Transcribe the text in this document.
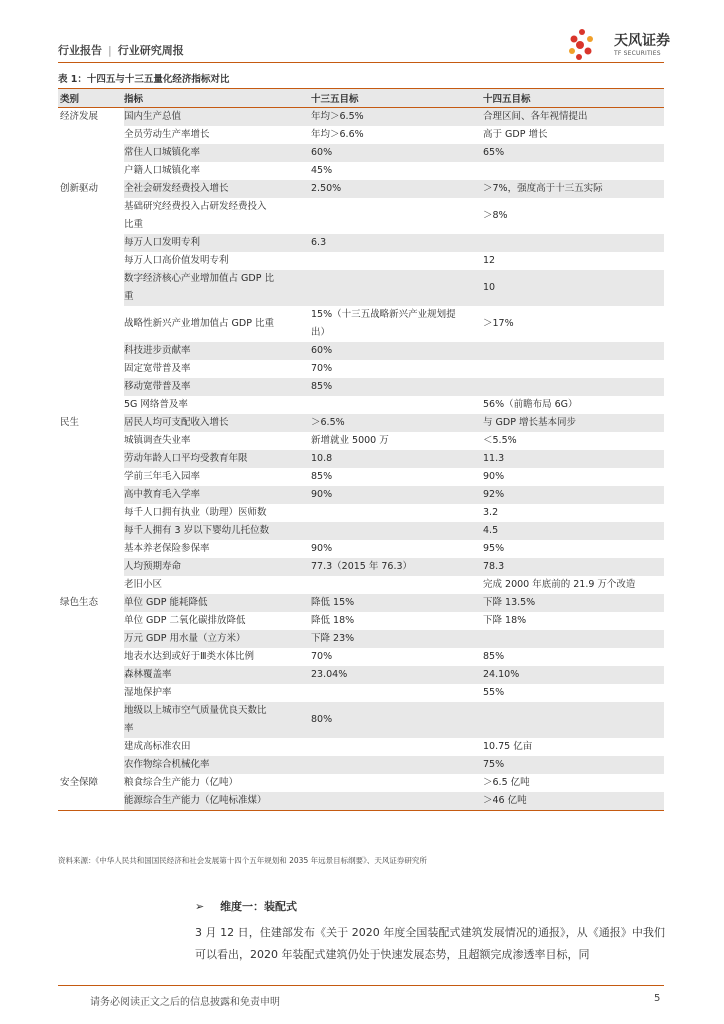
行业报告 | 行业研究周报
天风证券
TF SECURITIES
表 1：十四五与十三五量化经济指标对比
类别	指标	十三五目标	十四五目标
经济发展	国内生产总值	年均＞6.5%	合理区间、各年视情提出

	全员劳动生产率增长	年均＞6.6%	高于 GDP 增长

	常住人口城镇化率	60%	65%

	户籍人口城镇化率	45%	

创新驱动	全社会研发经费投入增长	2.50%	＞7%，强度高于十三五实际

	基础研究经费投入占研发经费投入
比重		＞8%

	每万人口发明专利	6.3	

	每万人口高价值发明专利		12

	数字经济核心产业增加值占 GDP 比
重		10

	战略性新兴产业增加值占 GDP 比重	15%（十三五战略新兴产业规划提
出）	＞17%

	科技进步贡献率	60%	

	固定宽带普及率	70%	

	移动宽带普及率	85%	

	5G 网络普及率		56%（前瞻布局 6G）

民生	居民人均可支配收入增长	＞6.5%	与 GDP 增长基本同步

	城镇调查失业率	新增就业 5000 万	＜5.5%

	劳动年龄人口平均受教育年限	10.8	11.3

	学前三年毛入园率	85%	90%

	高中教育毛入学率	90%	92%

	每千人口拥有执业（助理）医师数		3.2

	每千人拥有 3 岁以下婴幼儿托位数		4.5

	基本养老保险参保率	90%	95%

	人均预期寿命	77.3（2015 年 76.3）	78.3

	老旧小区		完成 2000 年底前的 21.9 万个改造

绿色生态	单位 GDP 能耗降低	降低 15%	下降 13.5%

	单位 GDP 二氧化碳排放降低	降低 18%	下降 18%

	万元 GDP 用水量（立方米）	下降 23%	

	地表水达到或好于Ⅲ类水体比例	70%	85%

	森林覆盖率	23.04%	24.10%

	湿地保护率		55%

	地级以上城市空气质量优良天数比
率	80%	

	建成高标准农田		10.75 亿亩

	农作物综合机械化率		75%

安全保障	粮食综合生产能力（亿吨）		＞6.5 亿吨

	能源综合生产能力（亿吨标准煤）		＞46 亿吨
资料来源：《中华人民共和国国民经济和社会发展第十四个五年规划和 2035 年远景目标纲要》、天风证券研究所
➢ 维度一：装配式
3 月 12 日，住建部发布《关于 2020 年度全国装配式建筑发展情况的通报》，从《通报》中我们可以看出，2020 年装配式建筑仍处于快速发展态势，且超额完成渗透率目标，同
请务必阅读正文之后的信息披露和免责申明	5
